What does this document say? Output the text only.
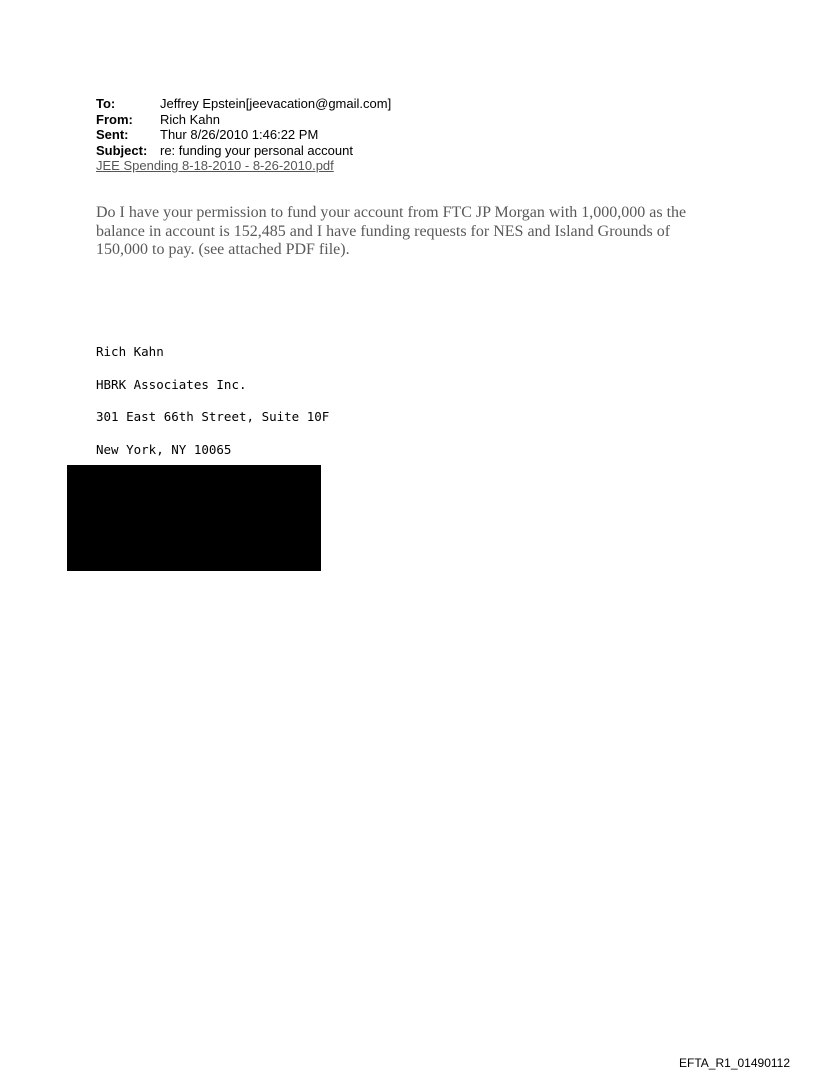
To:	Jeffrey Epstein[jeevacation@gmail.com]
From:	Rich Kahn
Sent:	Thur 8/26/2010 1:46:22 PM
Subject: re: funding your personal account
JEE Spending 8-18-2010 - 8-26-2010.pdf
Do I have your permission to fund your account from FTC JP Morgan with 1,000,000 as the balance in account is 152,485 and I have funding requests for NES and Island Grounds of 150,000 to pay. (see attached PDF file).
Rich Kahn
HBRK Associates Inc.
301 East 66th Street, Suite 10F
New York, NY 10065
EFTA_R1_01490112
